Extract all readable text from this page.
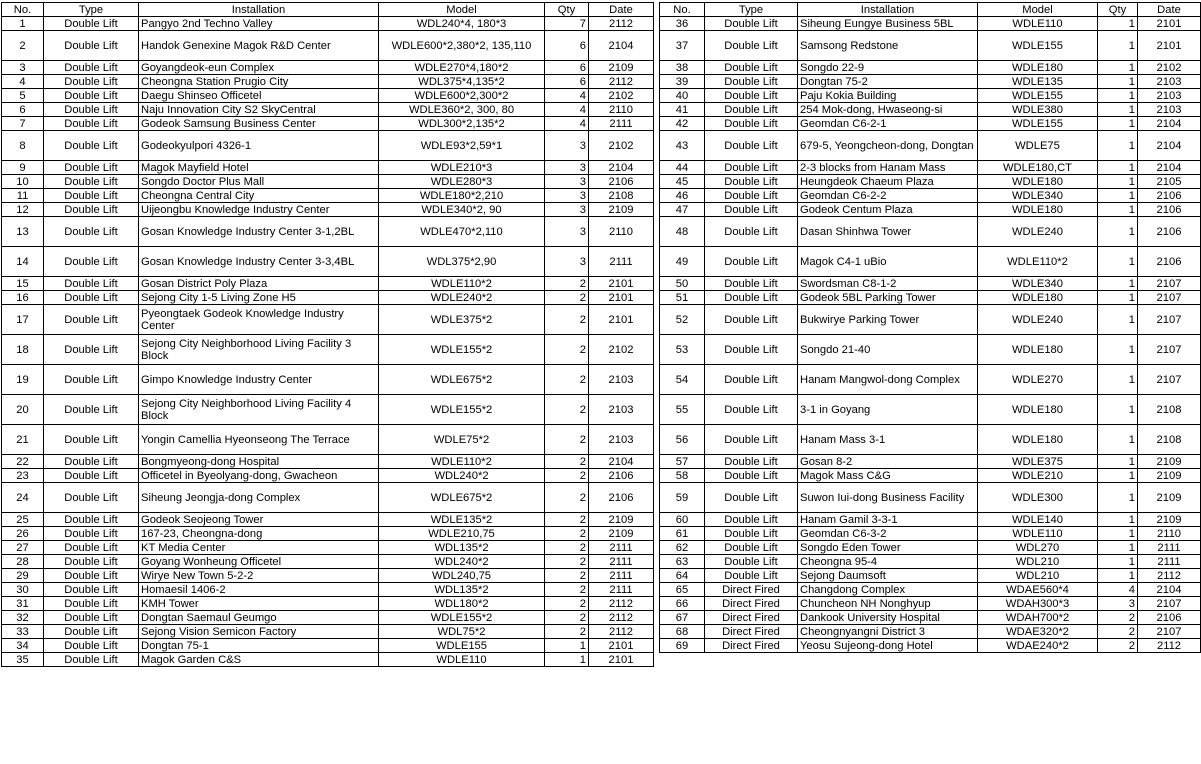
No.	Type	Installation	Model	Qty	Date
1	Double Lift	Pangyo 2nd Techno Valley	WDL240*4, 180*3	7	2112
2	Double Lift	Handok Genexine Magok R&D Center	WDLE600*2,380*2, 135,110	6	2104
3	Double Lift	Goyangdeok-eun Complex	WDLE270*4,180*2	6	2109
4	Double Lift	Cheongna Station Prugio City	WDL375*4,135*2	6	2112
5	Double Lift	Daegu Shinseo Officetel	WDLE600*2,300*2	4	2102
6	Double Lift	Naju Innovation City S2 SkyCentral	WDLE360*2, 300, 80	4	2110
7	Double Lift	Godeok Samsung Business Center	WDL300*2,135*2	4	2111
8	Double Lift	Godeokyulpori 4326-1	WDLE93*2,59*1	3	2102
9	Double Lift	Magok Mayfield Hotel	WDLE210*3	3	2104
10	Double Lift	Songdo Doctor Plus Mall	WDLE280*3	3	2106
11	Double Lift	Cheongna Central City	WDLE180*2,210	3	2108
12	Double Lift	Uijeongbu Knowledge Industry Center	WDLE340*2, 90	3	2109
13	Double Lift	Gosan Knowledge Industry Center 3-1,2BL	WDLE470*2,110	3	2110
14	Double Lift	Gosan Knowledge Industry Center 3-3,4BL	WDL375*2,90	3	2111
15	Double Lift	Gosan District Poly Plaza	WDLE110*2	2	2101
16	Double Lift	Sejong City 1-5 Living Zone H5	WDLE240*2	2	2101
17	Double Lift	Pyeongtaek Godeok Knowledge Industry Center	WDLE375*2	2	2101
18	Double Lift	Sejong City Neighborhood Living Facility 3 Block	WDLE155*2	2	2102
19	Double Lift	Gimpo Knowledge Industry Center	WDLE675*2	2	2103
20	Double Lift	Sejong City Neighborhood Living Facility 4 Block	WDLE155*2	2	2103
21	Double Lift	Yongin Camellia Hyeonseong The Terrace	WDLE75*2	2	2103
22	Double Lift	Bongmyeong-dong Hospital	WDLE110*2	2	2104
23	Double Lift	Officetel in Byeolyang-dong, Gwacheon	WDL240*2	2	2106
24	Double Lift	Siheung Jeongja-dong Complex	WDLE675*2	2	2106
25	Double Lift	Godeok Seojeong Tower	WDLE135*2	2	2109
26	Double Lift	167-23, Cheongna-dong	WDLE210,75	2	2109
27	Double Lift	KT Media Center	WDL135*2	2	2111
28	Double Lift	Goyang Wonheung Officetel	WDL240*2	2	2111
29	Double Lift	Wirye New Town 5-2-2	WDL240,75	2	2111
30	Double Lift	Homaesil 1406-2	WDL135*2	2	2111
31	Double Lift	KMH Tower	WDL180*2	2	2112
32	Double Lift	Dongtan Saemaul Geumgo	WDLE155*2	2	2112
33	Double Lift	Sejong Vision Semicon Factory	WDL75*2	2	2112
34	Double Lift	Dongtan 75-1	WDLE155	1	2101
35	Double Lift	Magok Garden C&S	WDLE110	1	2101
No.	Type	Installation	Model	Qty	Date
36	Double Lift	Siheung Eungye Business 5BL	WDLE110	1	2101
37	Double Lift	Samsong Redstone	WDLE155	1	2101
38	Double Lift	Songdo 22-9	WDLE180	1	2102
39	Double Lift	Dongtan 75-2	WDLE135	1	2103
40	Double Lift	Paju Kokia Building	WDLE155	1	2103
41	Double Lift	254 Mok-dong, Hwaseong-si	WDLE380	1	2103
42	Double Lift	Geomdan C6-2-1	WDLE155	1	2104
43	Double Lift	679-5, Yeongcheon-dong, Dongtan	WDLE75	1	2104
44	Double Lift	2-3 blocks from Hanam Mass	WDLE180,CT	1	2104
45	Double Lift	Heungdeok Chaeum Plaza	WDLE180	1	2105
46	Double Lift	Geomdan C6-2-2	WDLE340	1	2106
47	Double Lift	Godeok Centum Plaza	WDLE180	1	2106
48	Double Lift	Dasan Shinhwa Tower	WDLE240	1	2106
49	Double Lift	Magok C4-1 uBio	WDLE110*2	1	2106
50	Double Lift	Swordsman C8-1-2	WDLE340	1	2107
51	Double Lift	Godeok 5BL Parking Tower	WDLE180	1	2107
52	Double Lift	Bukwirye Parking Tower	WDLE240	1	2107
53	Double Lift	Songdo 21-40	WDLE180	1	2107
54	Double Lift	Hanam Mangwol-dong Complex	WDLE270	1	2107
55	Double Lift	3-1 in Goyang	WDLE180	1	2108
56	Double Lift	Hanam Mass 3-1	WDLE180	1	2108
57	Double Lift	Gosan 8-2	WDLE375	1	2109
58	Double Lift	Magok Mass C&G	WDLE210	1	2109
59	Double Lift	Suwon Iui-dong Business Facility	WDLE300	1	2109
60	Double Lift	Hanam Gamil 3-3-1	WDLE140	1	2109
61	Double Lift	Geomdan C6-3-2	WDLE110	1	2110
62	Double Lift	Songdo Eden Tower	WDL270	1	2111
63	Double Lift	Cheongna 95-4	WDL210	1	2111
64	Double Lift	Sejong Daumsoft	WDL210	1	2112
65	Direct Fired	Changdong Complex	WDAE560*4	4	2104
66	Direct Fired	Chuncheon NH Nonghyup	WDAH300*3	3	2107
67	Direct Fired	Dankook University Hospital	WDAH700*2	2	2106
68	Direct Fired	Cheongnyangni District 3	WDAE320*2	2	2107
69	Direct Fired	Yeosu Sujeong-dong Hotel	WDAE240*2	2	2112
